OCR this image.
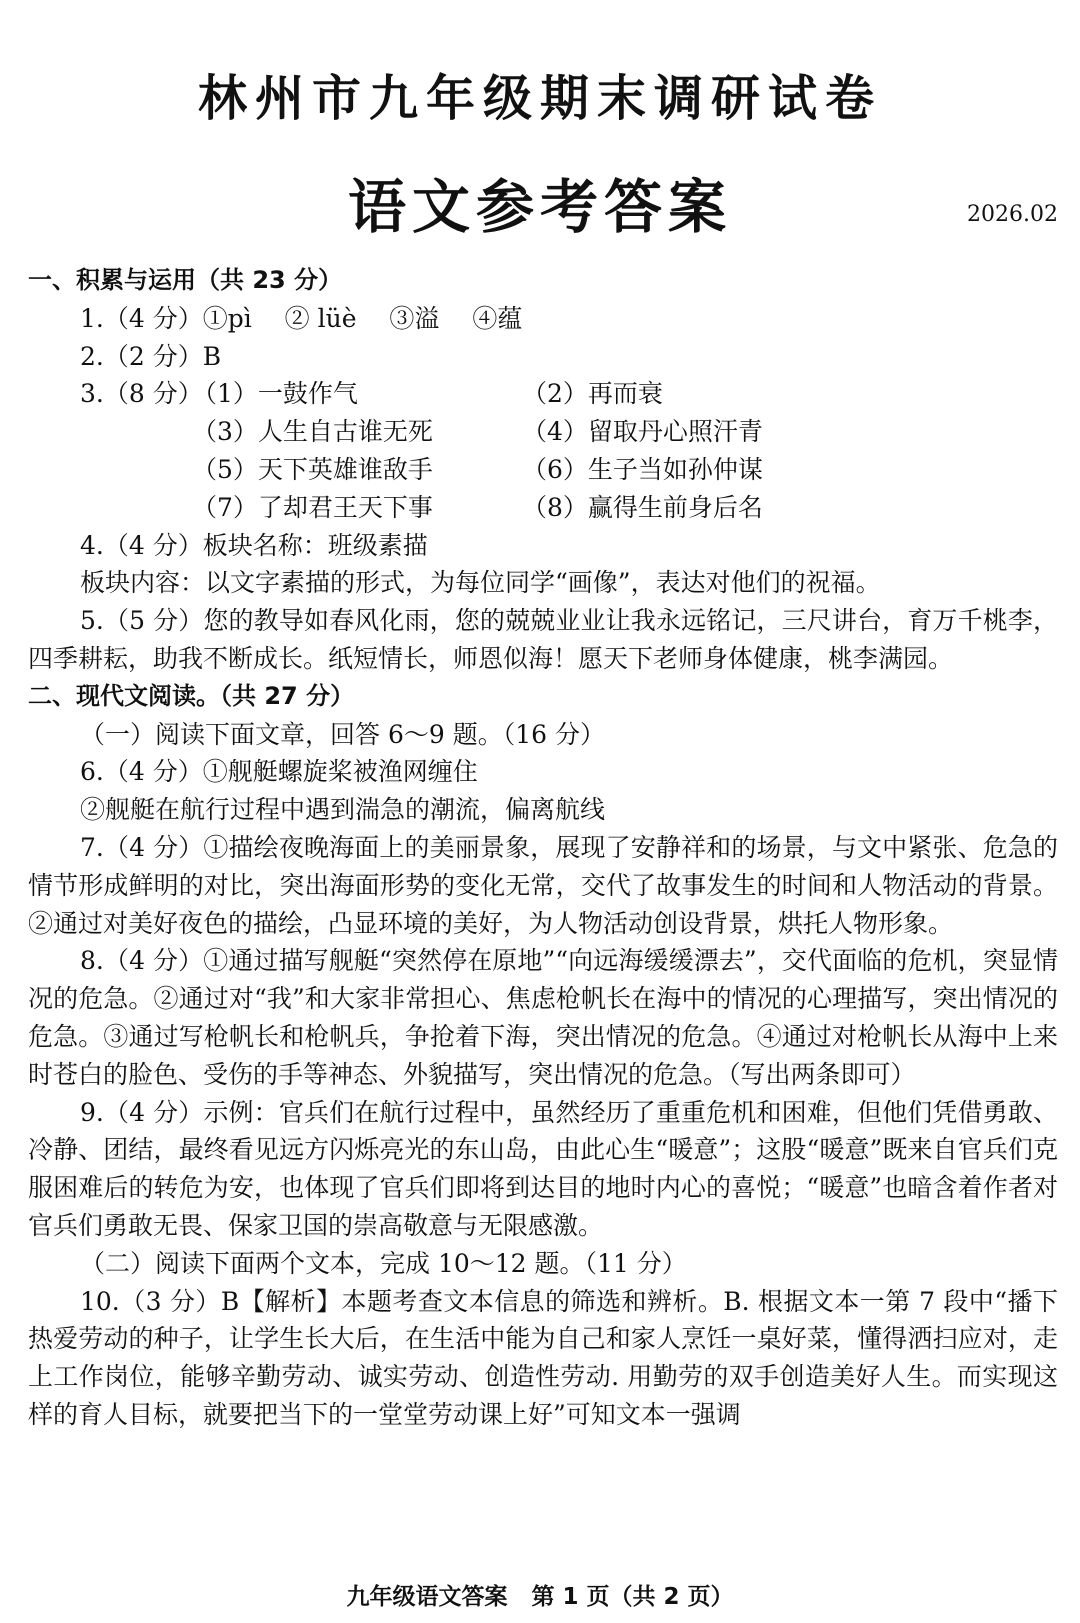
林州市九年级期末调研试卷
语文参考答案	2026.02
一、积累与运用（共 23 分）
1.（4 分）①pì　 ② lüè　 ③溢　 ④蕴
2.（2 分）B
3.（8 分）
（1）一鼓作气	（2）再而衰
（3）人生自古谁无死	（4）留取丹心照汗青
（5）天下英雄谁敌手	（6）生子当如孙仲谋
（7）了却君王天下事	（8）赢得生前身后名
4.（4 分）板块名称：班级素描
板块内容：以文字素描的形式，为每位同学“画像”，表达对他们的祝福。
5.（5 分）您的教导如春风化雨，您的兢兢业业让我永远铭记，三尺讲台，育万千桃李，四季耕耘，助我不断成长。纸短情长，师恩似海！愿天下老师身体健康，桃李满园。
二、现代文阅读。（共 27 分）
（一）阅读下面文章，回答 6～9 题。（16 分）
6.（4 分）①舰艇螺旋桨被渔网缠住
②舰艇在航行过程中遇到湍急的潮流，偏离航线
7.（4 分）①描绘夜晚海面上的美丽景象，展现了安静祥和的场景，与文中紧张、危急的情节形成鲜明的对比，突出海面形势的变化无常，交代了故事发生的时间和人物活动的背景。②通过对美好夜色的描绘，凸显环境的美好，为人物活动创设背景，烘托人物形象。
8.（4 分）①通过描写舰艇“突然停在原地”“向远海缓缓漂去”，交代面临的危机，突显情况的危急。②通过对“我”和大家非常担心、焦虑枪帆长在海中的情况的心理描写，突出情况的危急。③通过写枪帆长和枪帆兵，争抢着下海，突出情况的危急。④通过对枪帆长从海中上来时苍白的脸色、受伤的手等神态、外貌描写，突出情况的危急。（写出两条即可）
9.（4 分）示例：官兵们在航行过程中，虽然经历了重重危机和困难，但他们凭借勇敢、冷静、团结，最终看见远方闪烁亮光的东山岛，由此心生“暖意”；这股“暖意”既来自官兵们克服困难后的转危为安，也体现了官兵们即将到达目的地时内心的喜悦；“暖意”也暗含着作者对官兵们勇敢无畏、保家卫国的崇高敬意与无限感激。
（二）阅读下面两个文本，完成 10～12 题。（11 分）
10.（3 分）B【解析】本题考查文本信息的筛选和辨析。B. 根据文本一第 7 段中“播下热爱劳动的种子，让学生长大后，在生活中能为自己和家人烹饪一桌好菜，懂得洒扫应对，走上工作岗位，能够辛勤劳动、诚实劳动、创造性劳动. 用勤劳的双手创造美好人生。而实现这样的育人目标，就要把当下的一堂堂劳动课上好”可知文本一强调
九年级语文答案 第 1 页（共 2 页）
